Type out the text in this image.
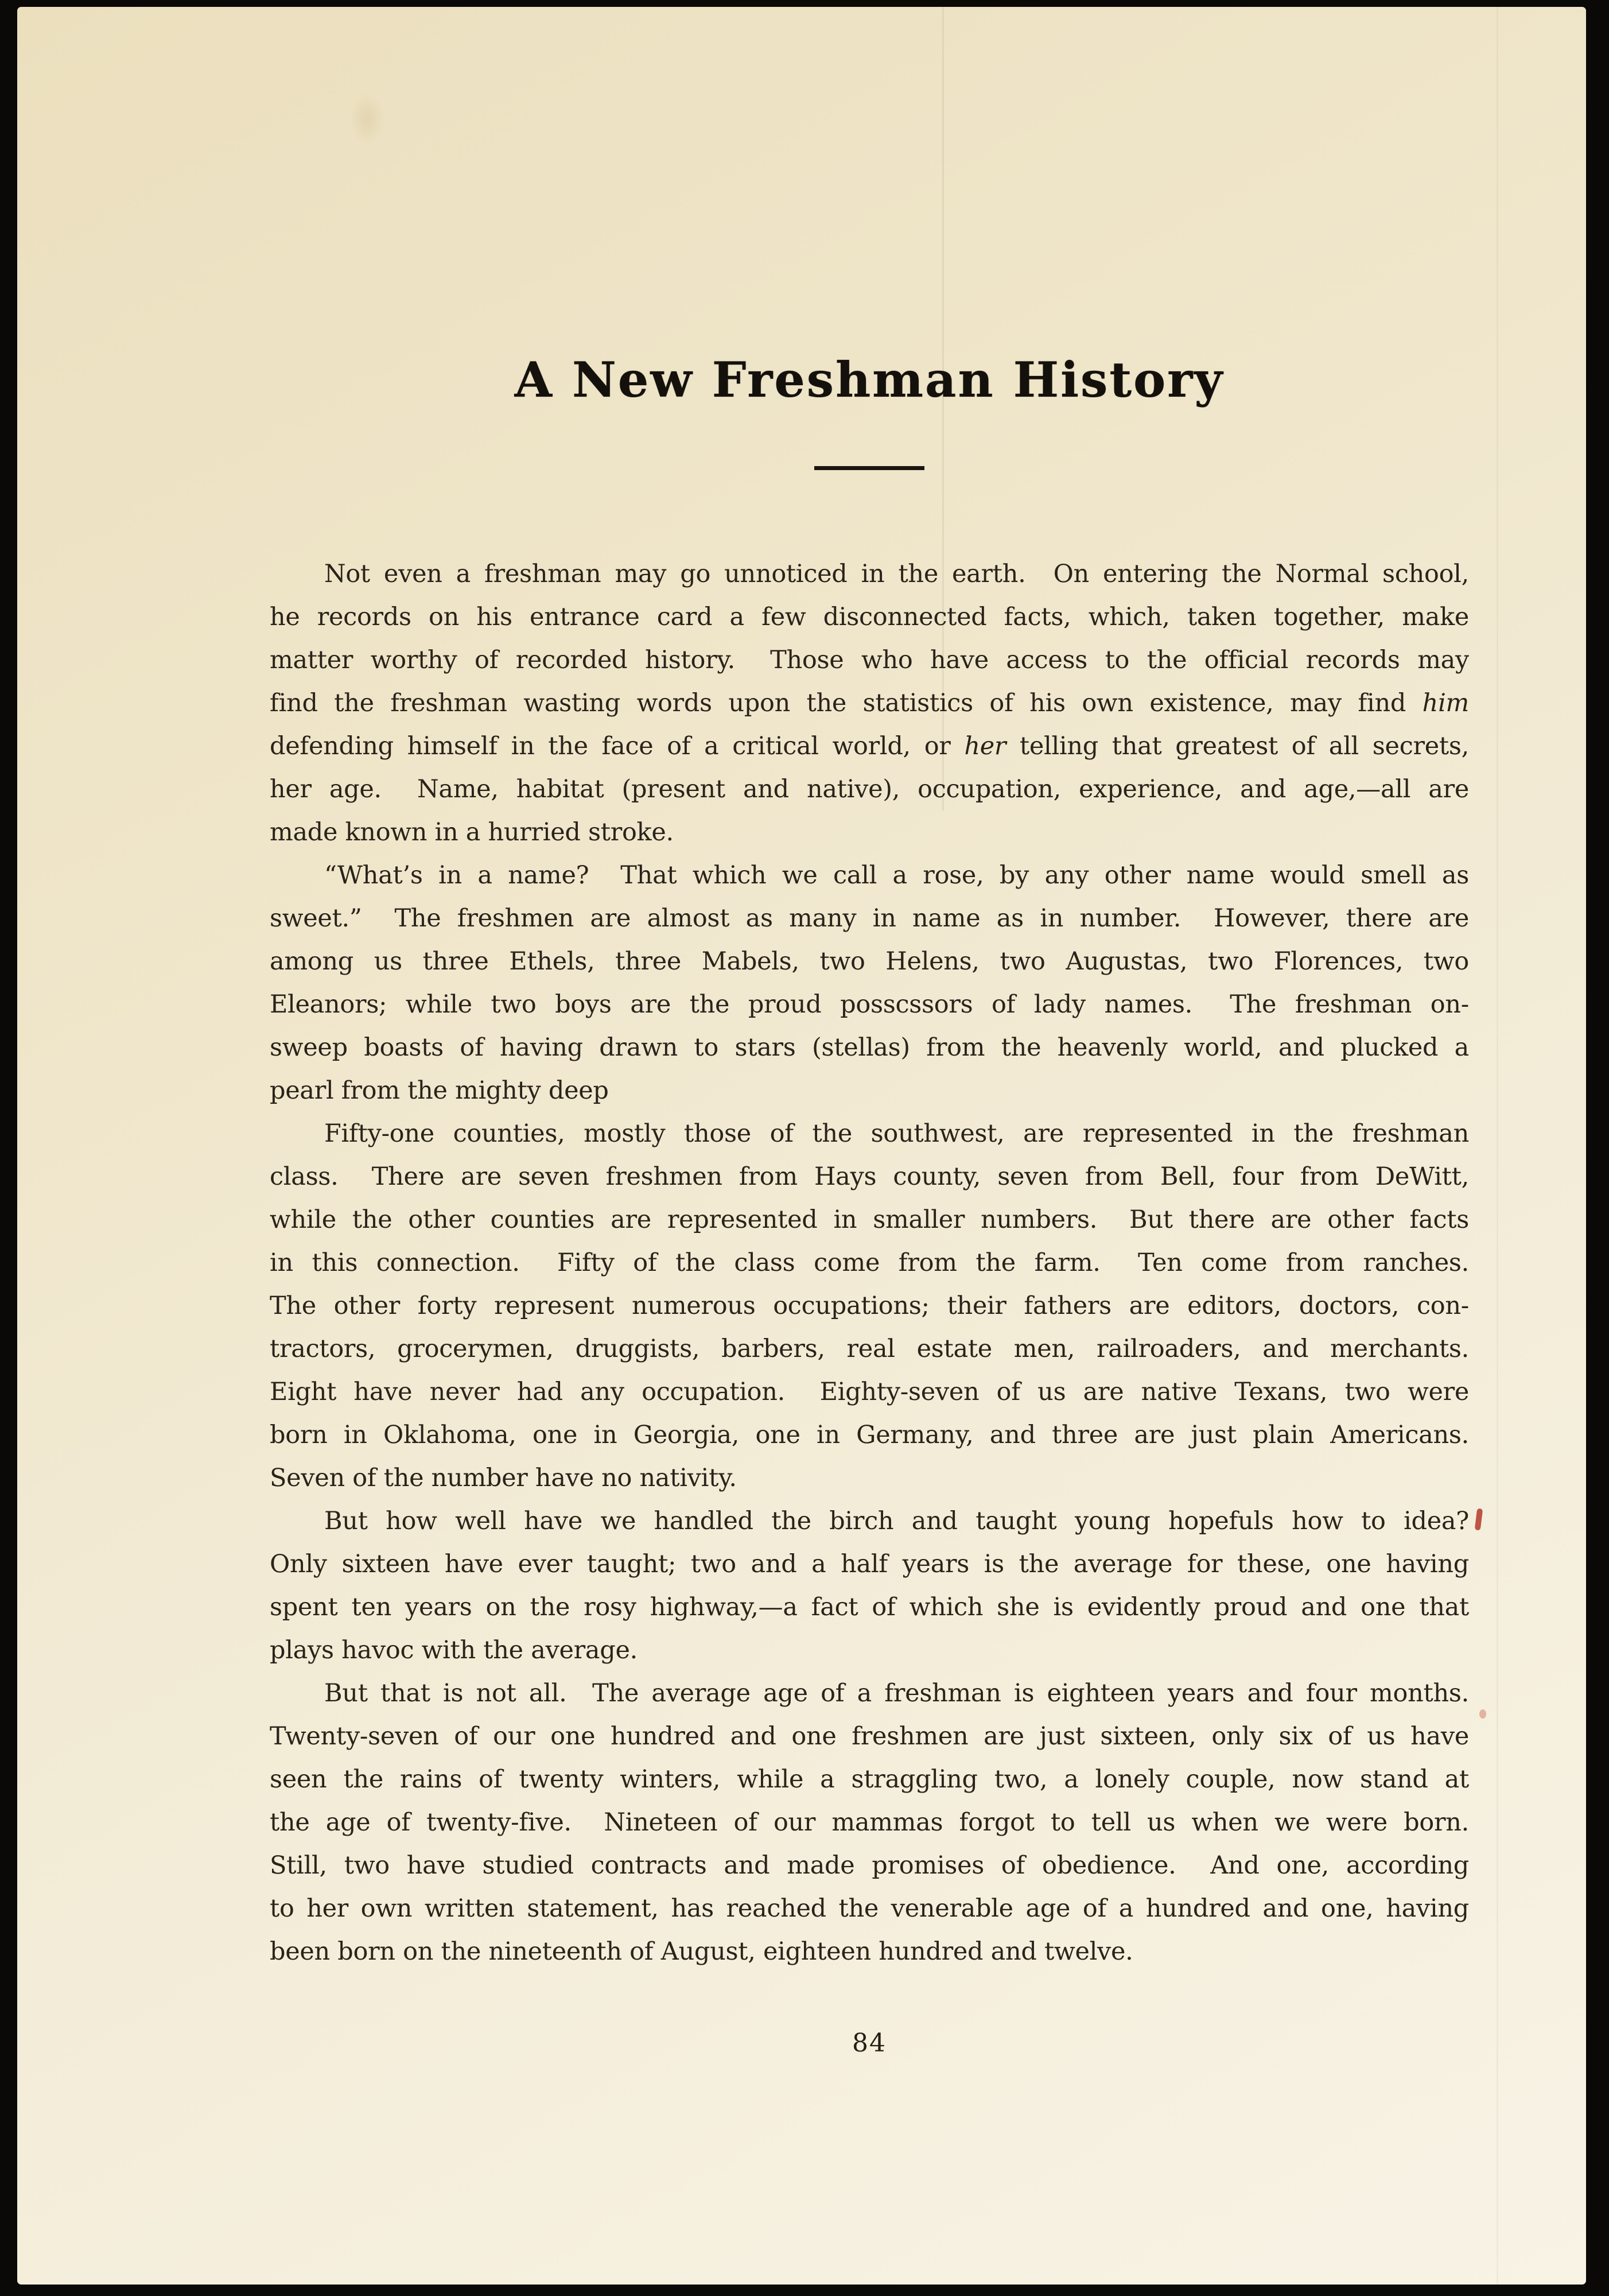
A New Freshman History
Not even a freshman may go unnoticed in the earth.  On entering the Normal school,
he records on his entrance card a few disconnected facts, which, taken together, make
matter worthy of recorded history.  Those who have access to the official records may
find the freshman wasting words upon the statistics of his own existence, may find him
defending himself in the face of a critical world, or her telling that greatest of all secrets,
her age.  Name, habitat (present and native), occupation, experience, and age,—all are
made known in a hurried stroke.
“What’s in a name?  That which we call a rose, by any other name would smell as
sweet.”  The freshmen are almost as many in name as in number.  However, there are
among us three Ethels, three Mabels, two Helens, two Augustas, two Florences, two
Eleanors; while two boys are the proud posscssors of lady names.  The freshman on-
sweep boasts of having drawn to stars (stellas) from the heavenly world, and plucked a
pearl from the mighty deep
Fifty-one counties, mostly those of the southwest, are represented in the freshman
class.  There are seven freshmen from Hays county, seven from Bell, four from DeWitt,
while the other counties are represented in smaller numbers.  But there are other facts
in this connection.  Fifty of the class come from the farm.  Ten come from ranches.
The other forty represent numerous occupations; their fathers are editors, doctors, con-
tractors, grocerymen, druggists, barbers, real estate men, railroaders, and merchants.
Eight have never had any occupation.  Eighty-seven of us are native Texans, two were
born in Oklahoma, one in Georgia, one in Germany, and three are just plain Americans.
Seven of the number have no nativity.
But how well have we handled the birch and taught young hopefuls how to idea?
Only sixteen have ever taught; two and a half years is the average for these, one having
spent ten years on the rosy highway,—a fact of which she is evidently proud and one that
plays havoc with the average.
But that is not all.  The average age of a freshman is eighteen years and four months.
Twenty-seven of our one hundred and one freshmen are just sixteen, only six of us have
seen the rains of twenty winters, while a straggling two, a lonely couple, now stand at
the age of twenty-five.  Nineteen of our mammas forgot to tell us when we were born.
Still, two have studied contracts and made promises of obedience.  And one, according
to her own written statement, has reached the venerable age of a hundred and one, having
been born on the nineteenth of August, eighteen hundred and twelve.
84
